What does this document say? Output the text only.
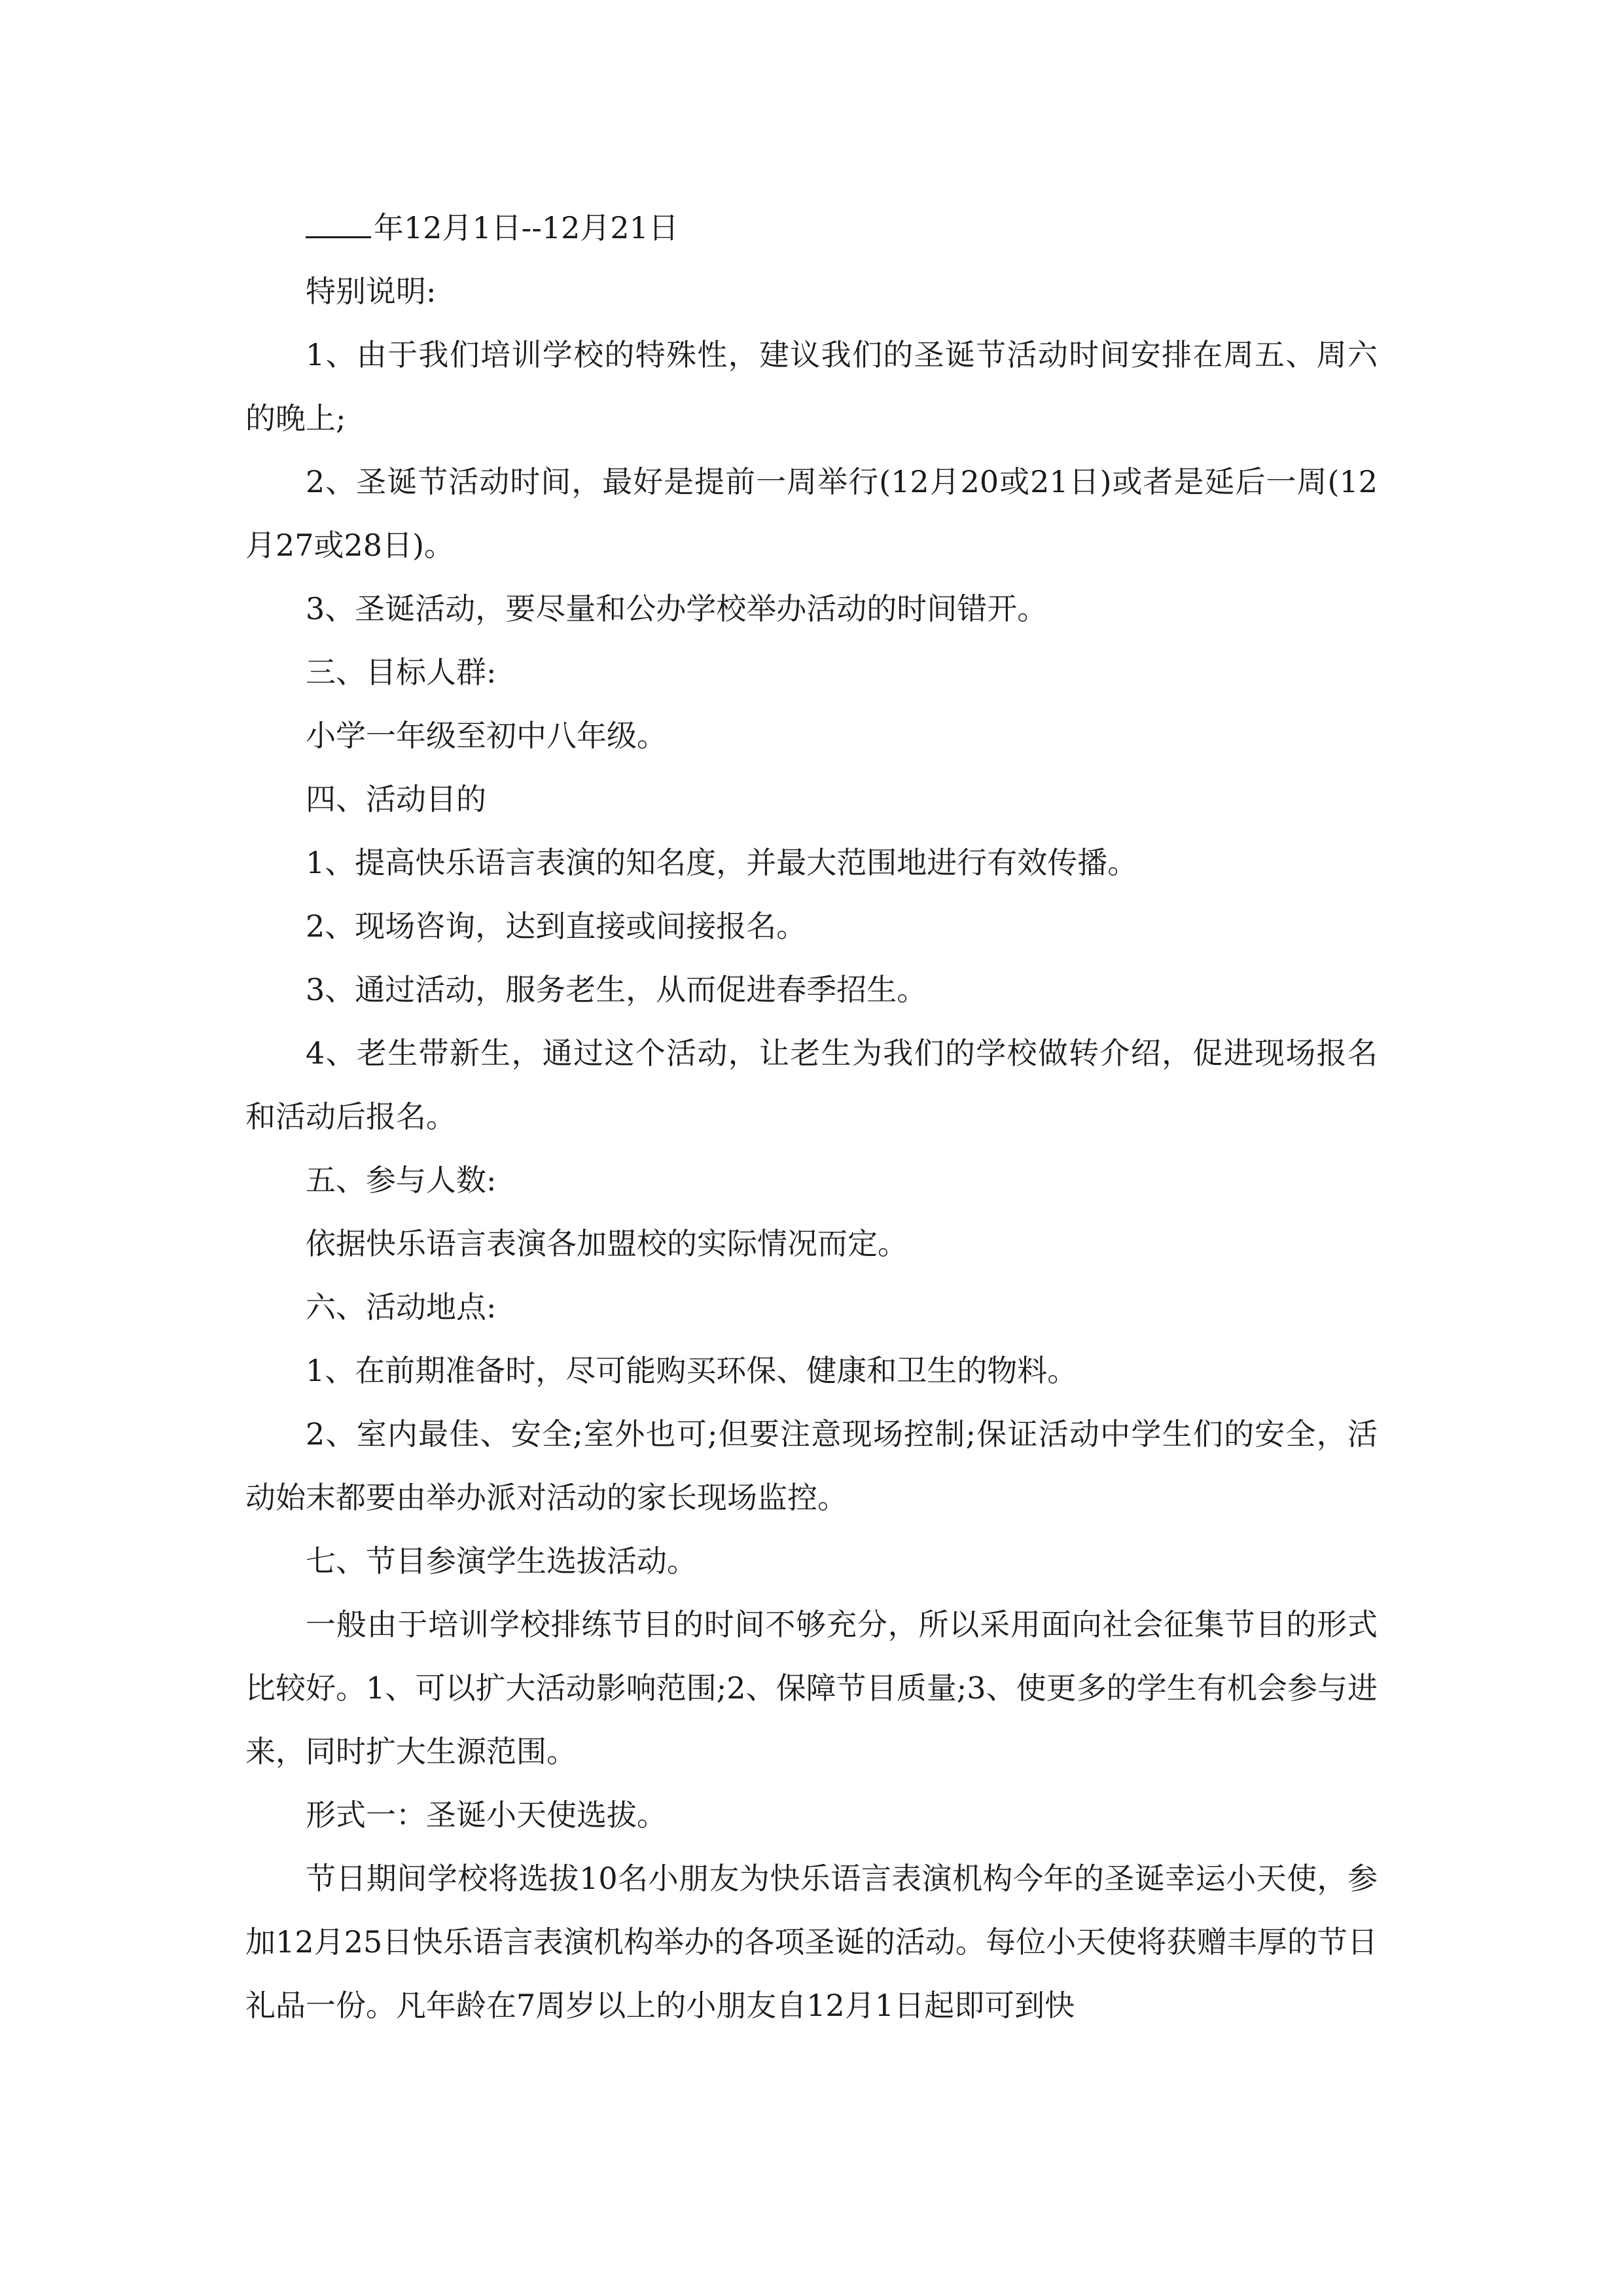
年12月1日--12月21日

特别说明:

1、由于我们培训学校的特殊性，建议我们的圣诞节活动时间安排在周五、周六的晚上;

2、圣诞节活动时间，最好是提前一周举行(12月20或21日)或者是延后一周(12月27或28日)。

3、圣诞活动，要尽量和公办学校举办活动的时间错开。

三、目标人群:

小学一年级至初中八年级。

四、活动目的

1、提高快乐语言表演的知名度，并最大范围地进行有效传播。

2、现场咨询，达到直接或间接报名。

3、通过活动，服务老生，从而促进春季招生。

4、老生带新生，通过这个活动，让老生为我们的学校做转介绍，促进现场报名和活动后报名。

五、参与人数:

依据快乐语言表演各加盟校的实际情况而定。

六、活动地点:

1、在前期准备时，尽可能购买环保、健康和卫生的物料。

2、室内最佳、安全;室外也可;但要注意现场控制;保证活动中学生们的安全，活动始末都要由举办派对活动的家长现场监控。

七、节目参演学生选拔活动。

一般由于培训学校排练节目的时间不够充分，所以采用面向社会征集节目的形式比较好。1、可以扩大活动影响范围;2、保障节目质量;3、使更多的学生有机会参与进来，同时扩大生源范围。

形式一：圣诞小天使选拔。

节日期间学校将选拔10名小朋友为快乐语言表演机构今年的圣诞幸运小天使，参加12月25日快乐语言表演机构举办的各项圣诞的活动。每位小天使将获赠丰厚的节日礼品一份。凡年龄在7周岁以上的小朋友自12月1日起即可到快
